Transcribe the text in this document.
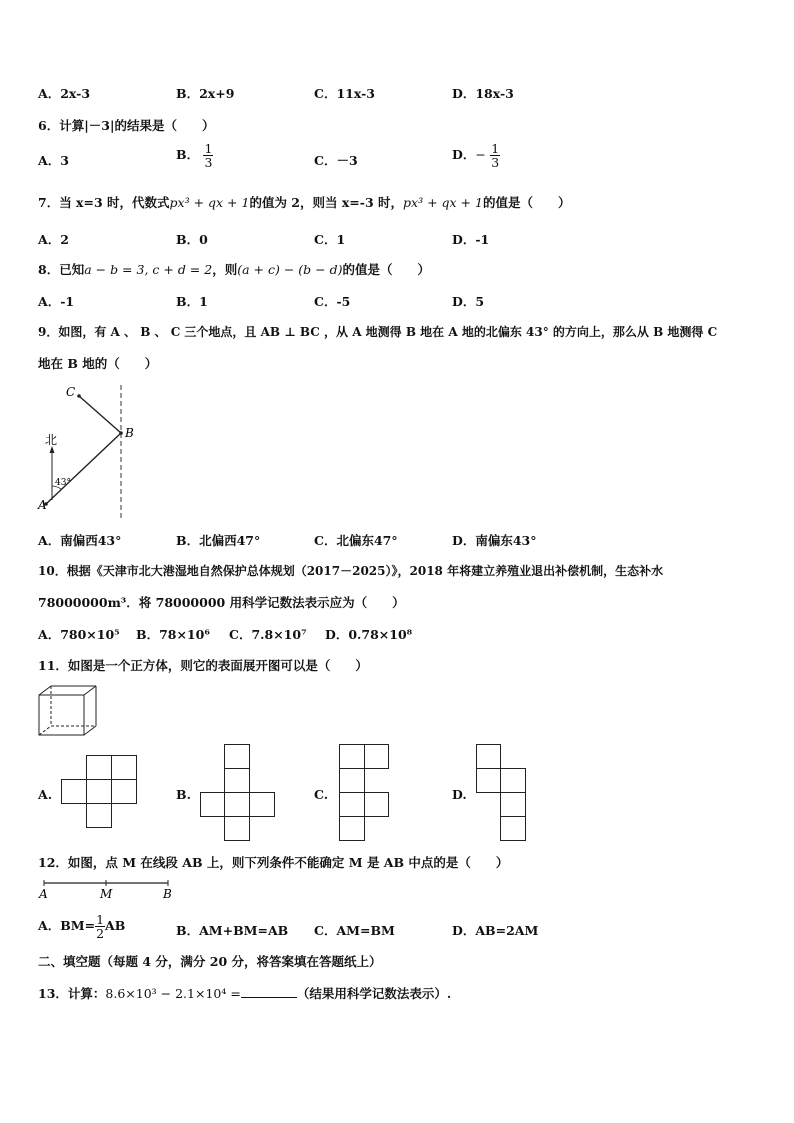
A．2x-3	B．2x+9	C．11x-3	D．18x-3
6．计算|－3|的结果是（　　）
A．3	B． $\frac{1}{3}$	C．－3	D．− $\frac{1}{3}$
7．当 x=3 时，代数式px³ + qx + 1的值为 2，则当 x=-3 时，px³ + qx + 1的值是（　　）
A．2	B．0	C．1	D．-1
8．已知a − b = 3, c + d = 2，则(a + c) − (b − d)的值是（　　）
A．-1	B．1	C．-5	D．5
9．如图，有 A 、 B 、 C 三个地点，且 AB ⊥ BC ，从 A 地测得 B 地在 A 地的北偏东 43° 的方向上，那么从 B 地测得 C
地在 B 地的（　　）
C
B
A
北
43°
A．南偏西43°	B．北偏西47°	C．北偏东47°	D．南偏东43°
10．根据《天津市北大港湿地自然保护总体规划（2017－2025）》，2018 年将建立养殖业退出补偿机制，生态补水
78000000m³．将 78000000 用科学记数法表示应为（　　）
A．780×10⁵ B．78×10⁶ C．7.8×10⁷ D．0.78×10⁸
11．如图是一个正方体，则它的表面展开图可以是（　　）
A.	B.	C.	D.
12．如图，点 M 在线段 AB 上，则下列条件不能确定 M 是 AB 中点的是（　　）
A	M	B
A．$BM= \frac{1}{2}$ AB	B．AM+BM=AB C．AM=BM	D．AB=2AM
二、填空题（每题 4 分，满分 20 分，将答案填在答题纸上）
13．计算：8.6×10³ − 2.1×10⁴ =	（结果用科学记数法表示）.
